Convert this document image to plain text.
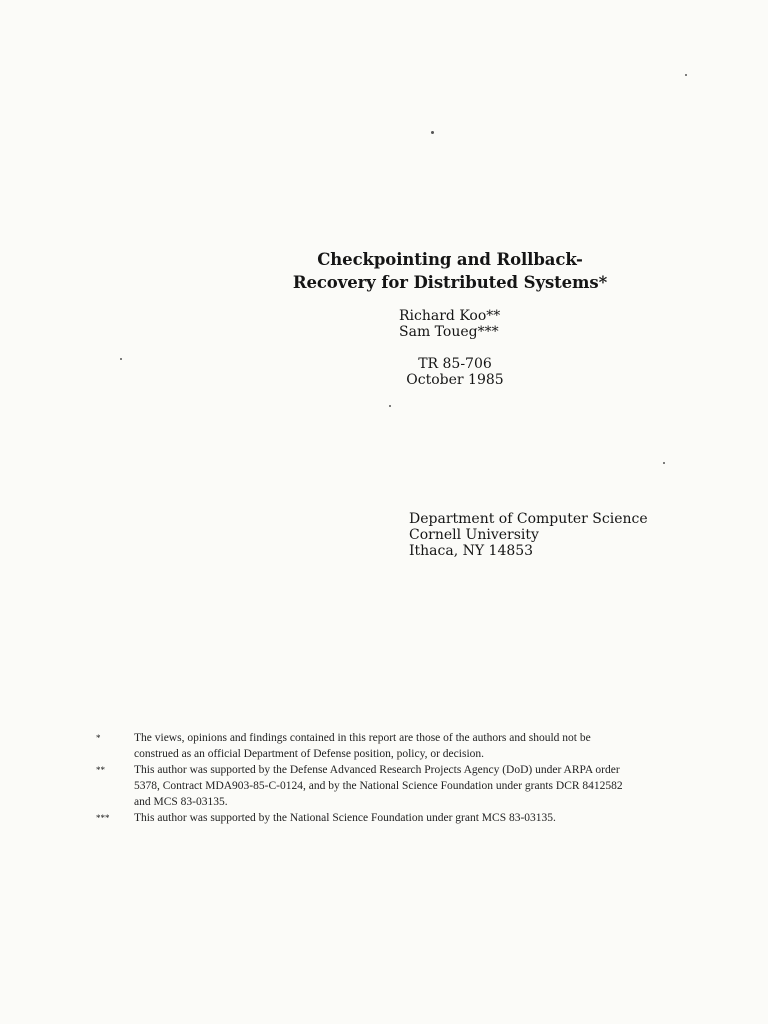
Checkpointing and Rollback-
Recovery for Distributed Systems*
Richard Koo**
Sam Toueg***
TR 85-706
October 1985
Department of Computer Science
Cornell University
Ithaca, NY 14853
*	The views, opinions and findings contained in this report are those of the authors and should not be construed as an official Department of Defense position, policy, or decision.
**	This author was supported by the Defense Advanced Research Projects Agency (DoD) under ARPA order 5378, Contract MDA903-85-C-0124, and by the National Science Foundation under grants DCR 8412582 and MCS 83-03135.
***	This author was supported by the National Science Foundation under grant MCS 83-03135.
